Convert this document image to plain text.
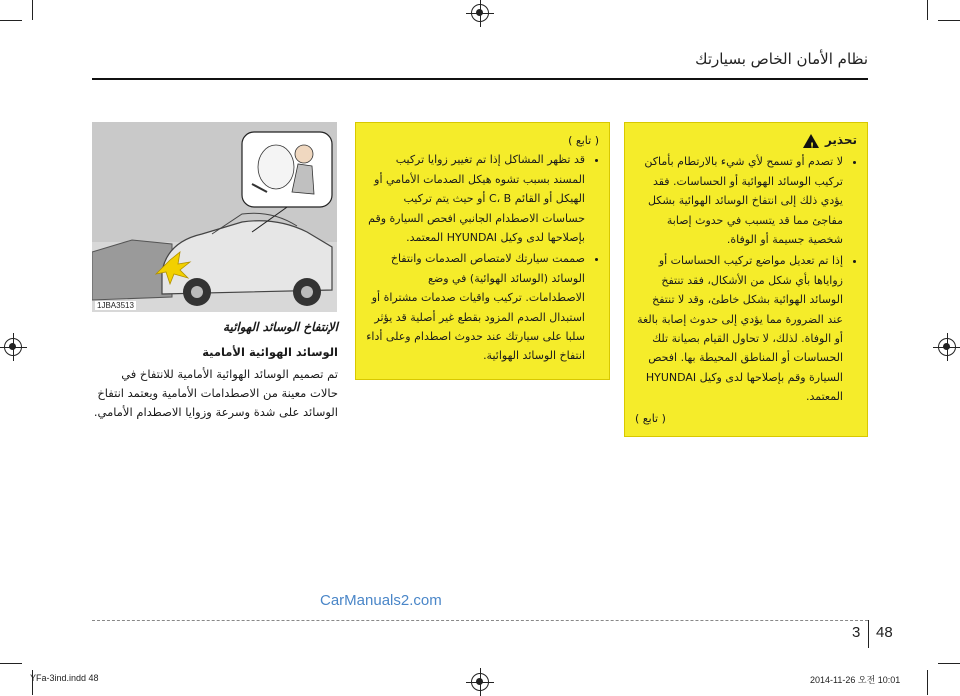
نظام الأمان الخاص بسيارتك
1JBA3513
الإنتفاخ الوسائد الهوائية
الوسائد الهوائية الأمامية
تم تصميم الوسائد الهوائية الأمامية للانتفاخ في حالات معينة من الاصطدامات الأمامية ويعتمد انتفاخ الوسائد على شدة وسرعة وزوايا الاصطدام الأمامي.

( تابع )

• قد تظهر المشاكل إذا تم تغيير زوايا تركيب المسند بسبب تشوه هيكل الصدمات الأمامي أو الهيكل أو القائم C، B أو حيث يتم تركيب حساسات الاصطدام الجانبي افحص السيارة وقم بإصلاحها لدى وكيل HYUNDAI المعتمد.
• صممت سيارتك لامتصاص الصدمات وانتفاخ الوسائد (الوسائد الهوائية) في وضع الاصطدامات. تركيب واقيات صدمات مشتراة أو استبدال الصدم المزود بقطع غير أصلية قد يؤثر سلبا على سيارتك عند حدوث اصطدام وعلى أداء انتفاخ الوسائد الهوائية.
تحذير
!
• لا تصدم أو تسمح لأي شيء بالارتطام بأماكن تركيب الوسائد الهوائية أو الحساسات. فقد يؤدي ذلك إلى انتفاخ الوسائد الهوائية بشكل مفاجئ مما قد يتسبب في حدوث إصابة شخصية جسيمة أو الوفاة.
• إذا تم تعديل مواضع تركيب الحساسات أو زواياها بأي شكل من الأشكال، فقد تنتفخ الوسائد الهوائية بشكل خاطئ، وقد لا تنتفخ عند الضرورة مما يؤدي إلى حدوث إصابة بالغة أو الوفاة. لذلك، لا تحاول القيام بصيانة تلك الحساسات أو المناطق المحيطة بها. افحص السيارة وقم بإصلاحها لدى وكيل HYUNDAI المعتمد.

( تابع )

CarManuals2.com
3 48
YFa-3ind.indd 48	2014-11-26 오전 10:01
